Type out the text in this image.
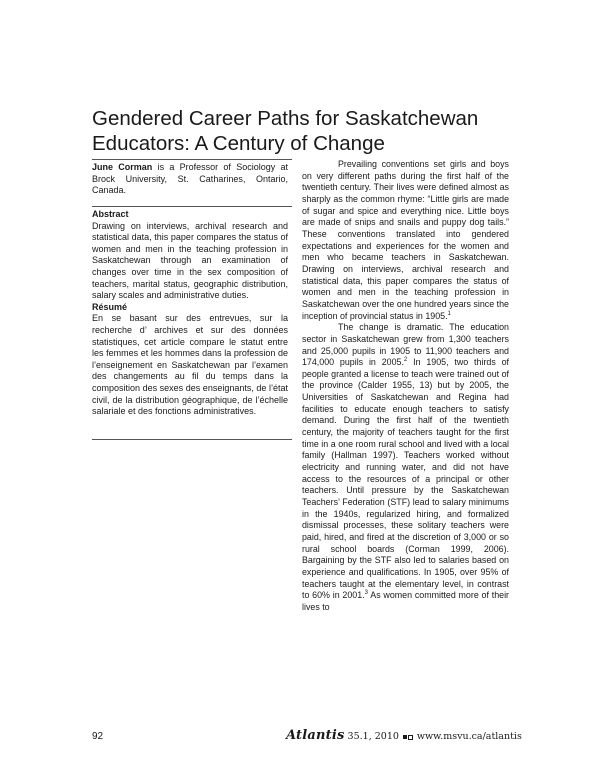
Gendered Career Paths for Saskatchewan
Educators: A Century of Change

June Corman is a Professor of Sociology at Brock University, St. Catharines, Ontario, Canada.

Abstract

Drawing on interviews, archival research and statistical data, this paper compares the status of women and men in the teaching profession in Saskatchewan through an examination of changes over time in the sex composition of teachers, marital status, geographic distribution, salary scales and administrative duties.

Résumé

En se basant sur des entrevues, sur la recherche d’ archives et sur des données statistiques, cet article compare le statut entre les femmes et les hommes dans la profession de l’enseignement en Saskatchewan par l’examen des changements au fil du temps dans la composition des sexes des enseignants, de l’état civil, de la distribution géographique, de l’échelle salariale et des fonctions administratives.

Prevailing conventions set girls and boys on very different paths during the first half of the twentieth century. Their lives were defined almost as sharply as the common rhyme: “Little girls are made of sugar and spice and everything nice. Little boys are made of snips and snails and puppy dog tails.” These conventions translated into gendered expectations and experiences for the women and men who became teachers in Saskatchewan. Drawing on interviews, archival research and statistical data, this paper compares the status of women and men in the teaching profession in Saskatchewan over the one hundred years since the inception of provincial status in 1905.$^1$

The change is dramatic. The education sector in Saskatchewan grew from 1,300 teachers and 25,000 pupils in 1905 to 11,900 teachers and 174,000 pupils in 2005.$^2$ In 1905, two thirds of people granted a license to teach were trained out of the province (Calder 1955, 13) but by 2005, the Universities of Saskatchewan and Regina had facilities to educate enough teachers to satisfy demand. During the first half of the twentieth century, the majority of teachers taught for the first time in a one room rural school and lived with a local family (Hallman 1997). Teachers worked without electricity and running water, and did not have access to the resources of a principal or other teachers. Until pressure by the Saskatchewan Teachers’ Federation (STF) lead to salary minimums in the 1940s, regularized hiring, and formalized dismissal processes, these solitary teachers were paid, hired, and fired at the discretion of 3,000 or so rural school boards (Corman 1999, 2006). Bargaining by the STF also led to salaries based on experience and qualifications. In 1905, over 95% of teachers taught at the elementary level, in contrast to 60% in 2001.$^3$ As women committed more of their lives to

92	Atlantis 35.1, 2010 www.msvu.ca/atlantis
